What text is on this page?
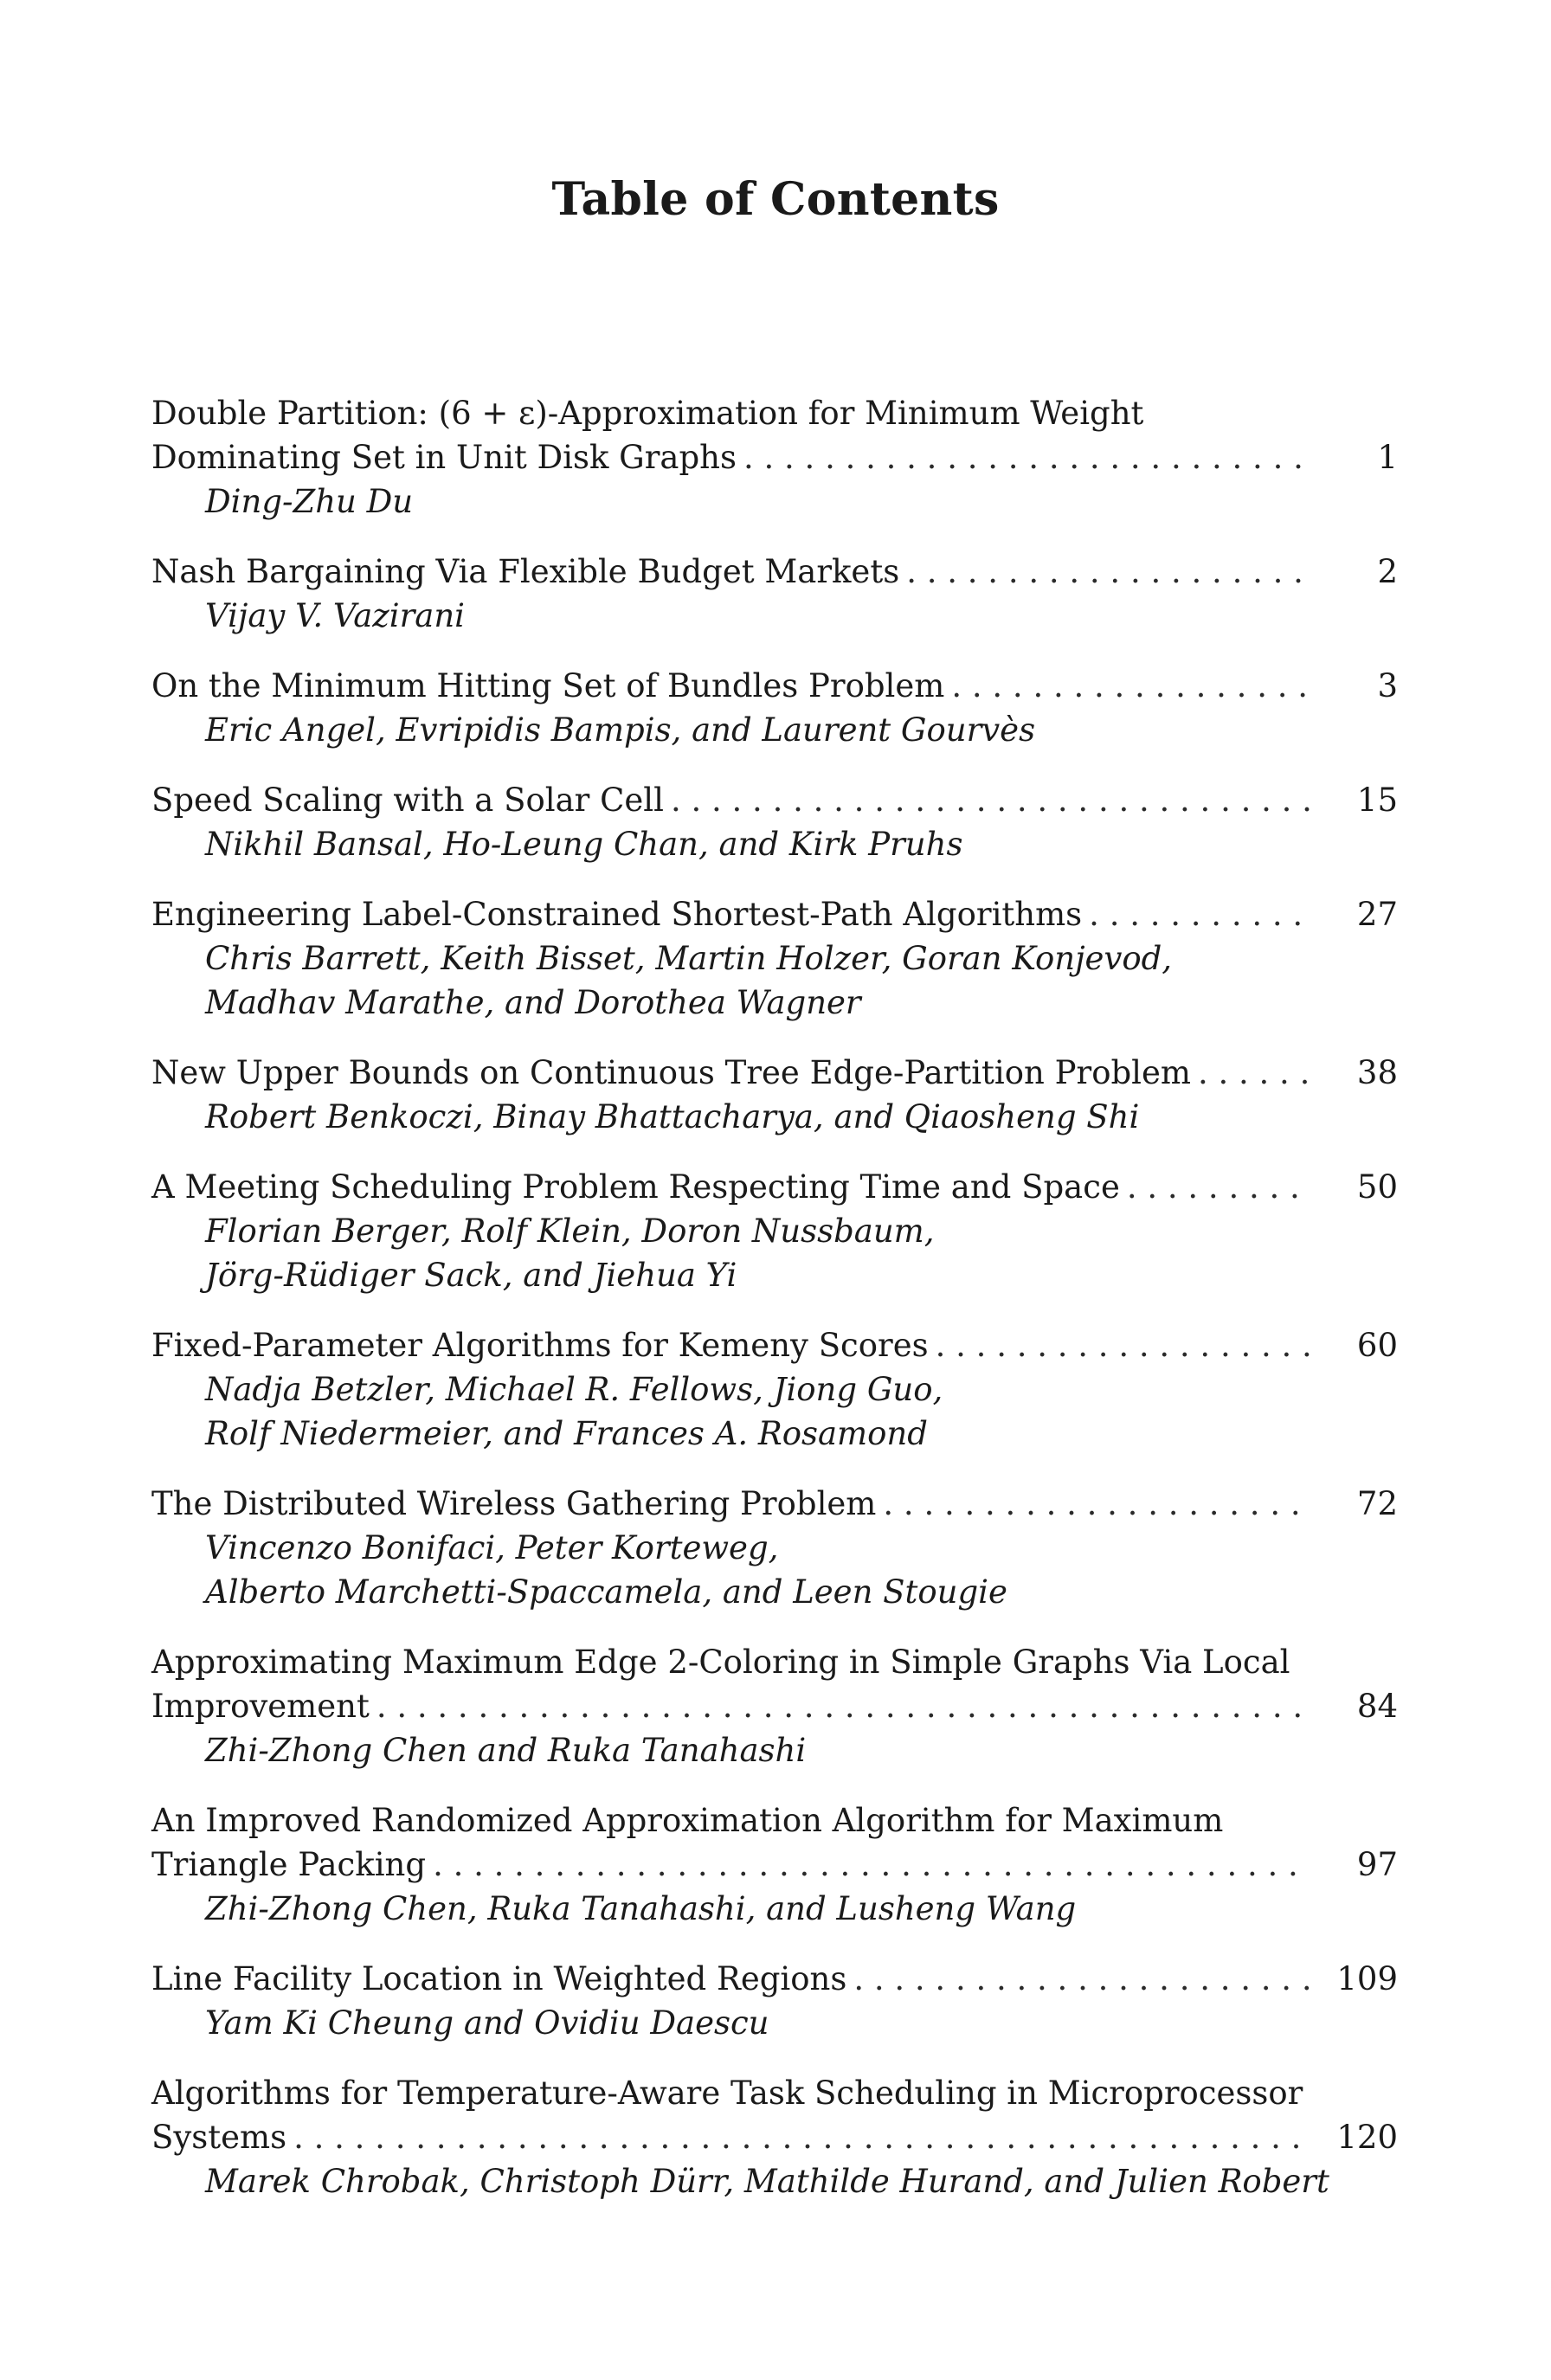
Table of Contents
Double Partition: (6 + ε)-Approximation for Minimum Weight
Dominating Set in Unit Disk Graphs . . .	1
Ding-Zhu Du
Nash Bargaining Via Flexible Budget Markets . . .	2
Vijay V. Vazirani
On the Minimum Hitting Set of Bundles Problem . . .	3
Eric Angel, Evripidis Bampis, and Laurent Gourvès
Speed Scaling with a Solar Cell . . .	15
Nikhil Bansal, Ho-Leung Chan, and Kirk Pruhs
Engineering Label-Constrained Shortest-Path Algorithms . . .	27
Chris Barrett, Keith Bisset, Martin Holzer, Goran Konjevod,
Madhav Marathe, and Dorothea Wagner
New Upper Bounds on Continuous Tree Edge-Partition Problem . . .	38
Robert Benkoczi, Binay Bhattacharya, and Qiaosheng Shi
A Meeting Scheduling Problem Respecting Time and Space . . .	50
Florian Berger, Rolf Klein, Doron Nussbaum,
Jörg-Rüdiger Sack, and Jiehua Yi
Fixed-Parameter Algorithms for Kemeny Scores . . .	60
Nadja Betzler, Michael R. Fellows, Jiong Guo,
Rolf Niedermeier, and Frances A. Rosamond
The Distributed Wireless Gathering Problem . . .	72
Vincenzo Bonifaci, Peter Korteweg,
Alberto Marchetti-Spaccamela, and Leen Stougie
Approximating Maximum Edge 2-Coloring in Simple Graphs Via Local
Improvement . . .	84
Zhi-Zhong Chen and Ruka Tanahashi
An Improved Randomized Approximation Algorithm for Maximum
Triangle Packing . . .	97
Zhi-Zhong Chen, Ruka Tanahashi, and Lusheng Wang
Line Facility Location in Weighted Regions . . .	109
Yam Ki Cheung and Ovidiu Daescu
Algorithms for Temperature-Aware Task Scheduling in Microprocessor
Systems . . .	120
Marek Chrobak, Christoph Dürr, Mathilde Hurand, and Julien Robert
